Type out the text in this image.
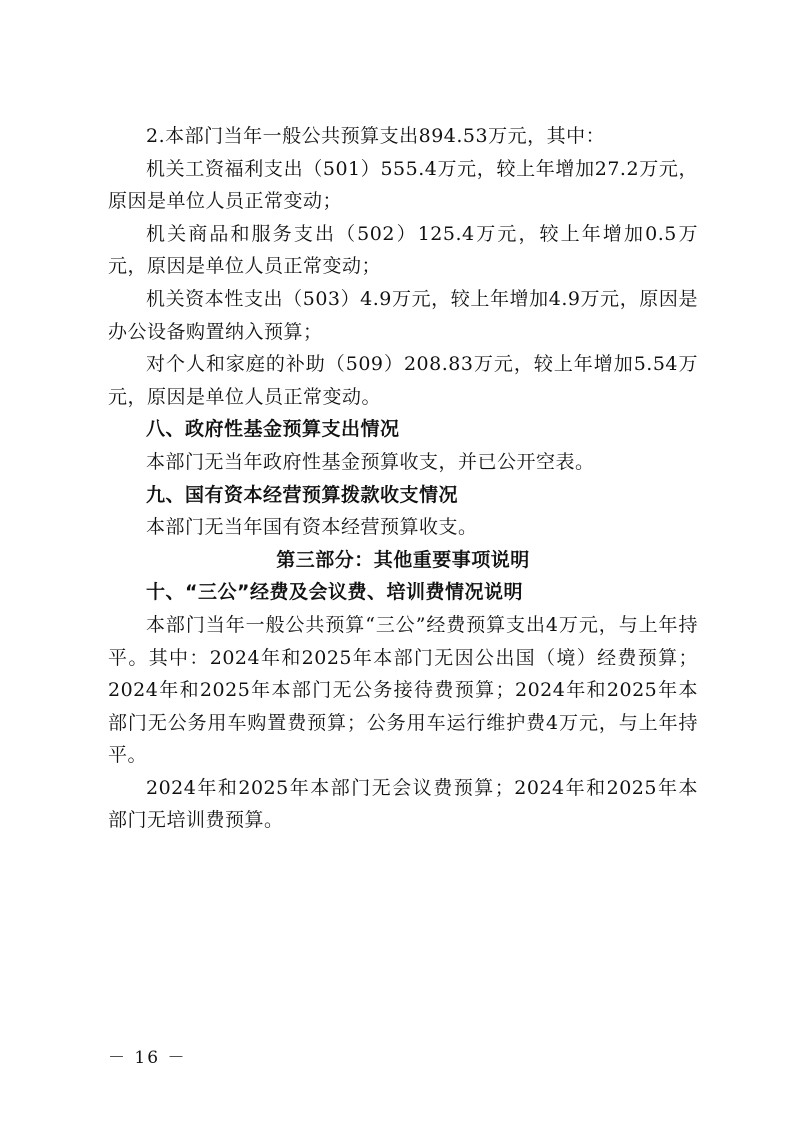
2.本部门当年一般公共预算支出894.53万元，其中：

机关工资福利支出（501）555.4万元，较上年增加27.2万元，原因是单位人员正常变动；

机关商品和服务支出（502）125.4万元，较上年增加0.5万元，原因是单位人员正常变动；

机关资本性支出（503）4.9万元，较上年增加4.9万元，原因是办公设备购置纳入预算；

对个人和家庭的补助（509）208.83万元，较上年增加5.54万元，原因是单位人员正常变动。

八、政府性基金预算支出情况

本部门无当年政府性基金预算收支，并已公开空表。

九、国有资本经营预算拨款收支情况

本部门无当年国有资本经营预算收支。

第三部分：其他重要事项说明

十、“三公”经费及会议费、培训费情况说明

本部门当年一般公共预算“三公”经费预算支出4万元，与上年持平。其中：2024年和2025年本部门无因公出国（境）经费预算；2024年和2025年本部门无公务接待费预算；2024年和2025年本部门无公务用车购置费预算；公务用车运行维护费4万元，与上年持平。

2024年和2025年本部门无会议费预算；2024年和2025年本部门无培训费预算。

－ 16 －
